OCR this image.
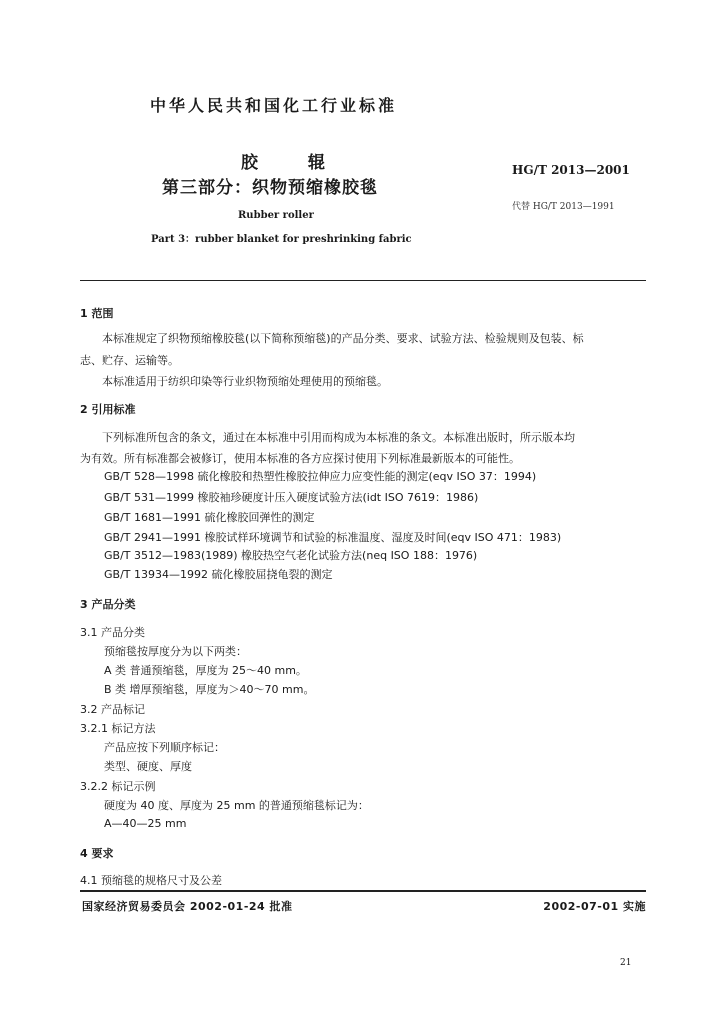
中华人民共和国化工行业标准
胶 辊
第三部分：织物预缩橡胶毯
Rubber roller
Part 3：rubber blanket for preshrinking fabric
HG/T 2013—2001
代替 HG/T 2013—1991
1 范围
本标准规定了织物预缩橡胶毯(以下简称预缩毯)的产品分类、要求、试验方法、检验规则及包装、标
志、贮存、运输等。
本标准适用于纺织印染等行业织物预缩处理使用的预缩毯。
2 引用标准
下列标准所包含的条文，通过在本标准中引用而构成为本标准的条文。本标准出版时，所示版本均
为有效。所有标准都会被修订，使用本标准的各方应探讨使用下列标准最新版本的可能性。
GB/T 528—1998 硫化橡胶和热塑性橡胶拉伸应力应变性能的测定(eqv ISO 37：1994)
GB/T 531—1999 橡胶袖珍硬度计压入硬度试验方法(idt ISO 7619：1986)
GB/T 1681—1991 硫化橡胶回弹性的测定
GB/T 2941—1991 橡胶试样环境调节和试验的标准温度、湿度及时间(eqv ISO 471：1983)
GB/T 3512—1983(1989) 橡胶热空气老化试验方法(neq ISO 188：1976)
GB/T 13934—1992 硫化橡胶屈挠龟裂的测定
3 产品分类
3.1 产品分类
预缩毯按厚度分为以下两类：
A 类 普通预缩毯，厚度为 25～40 mm。
B 类 增厚预缩毯，厚度为＞40～70 mm。
3.2 产品标记
3.2.1 标记方法
产品应按下列顺序标记：
类型、硬度、厚度
3.2.2 标记示例
硬度为 40 度、厚度为 25 mm 的普通预缩毯标记为：
A—40—25 mm
4 要求
4.1 预缩毯的规格尺寸及公差
国家经济贸易委员会 2002-01-24 批准	2002-07-01 实施
21
